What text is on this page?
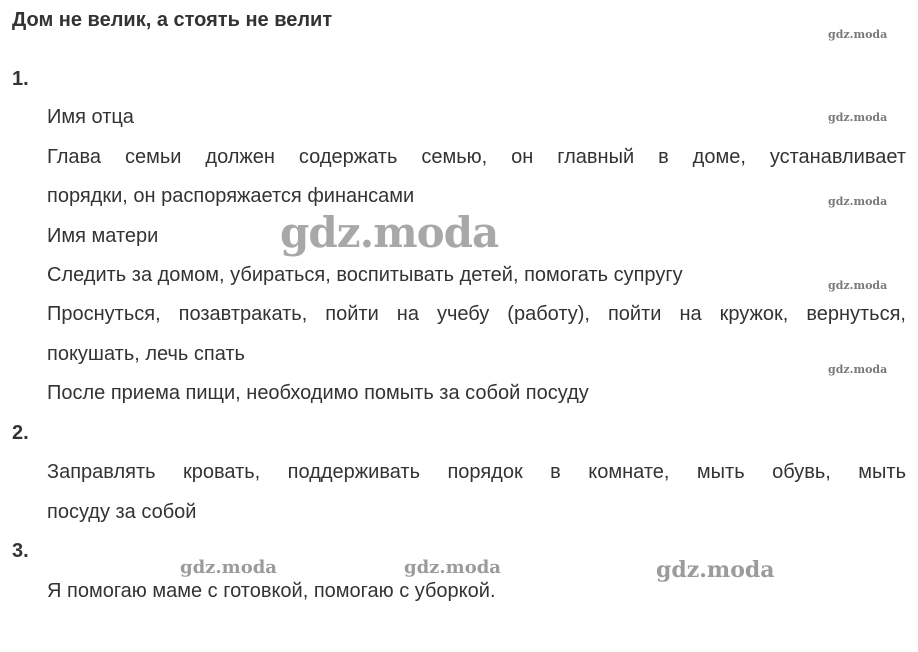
Дом не велик, а стоять не велит
1.
Имя отца
Глава семьи должен содержать семью, он главный в доме, устанавливает
порядки, он распоряжается финансами
Имя матери
Следить за домом, убираться, воспитывать детей, помогать супругу
Проснуться, позавтракать, пойти на учебу (работу), пойти на кружок, вернуться,
покушать, лечь спать
После приема пищи, необходимо помыть за собой посуду
2.
Заправлять кровать, поддерживать порядок в комнате, мыть обувь, мыть
посуду за собой
3.
Я помогаю маме с готовкой, помогаю с уборкой.
gdz.moda
gdz.moda
gdz.moda
gdz.moda
gdz.moda
gdz.moda
gdz.moda	gdz.moda	gdz.moda
